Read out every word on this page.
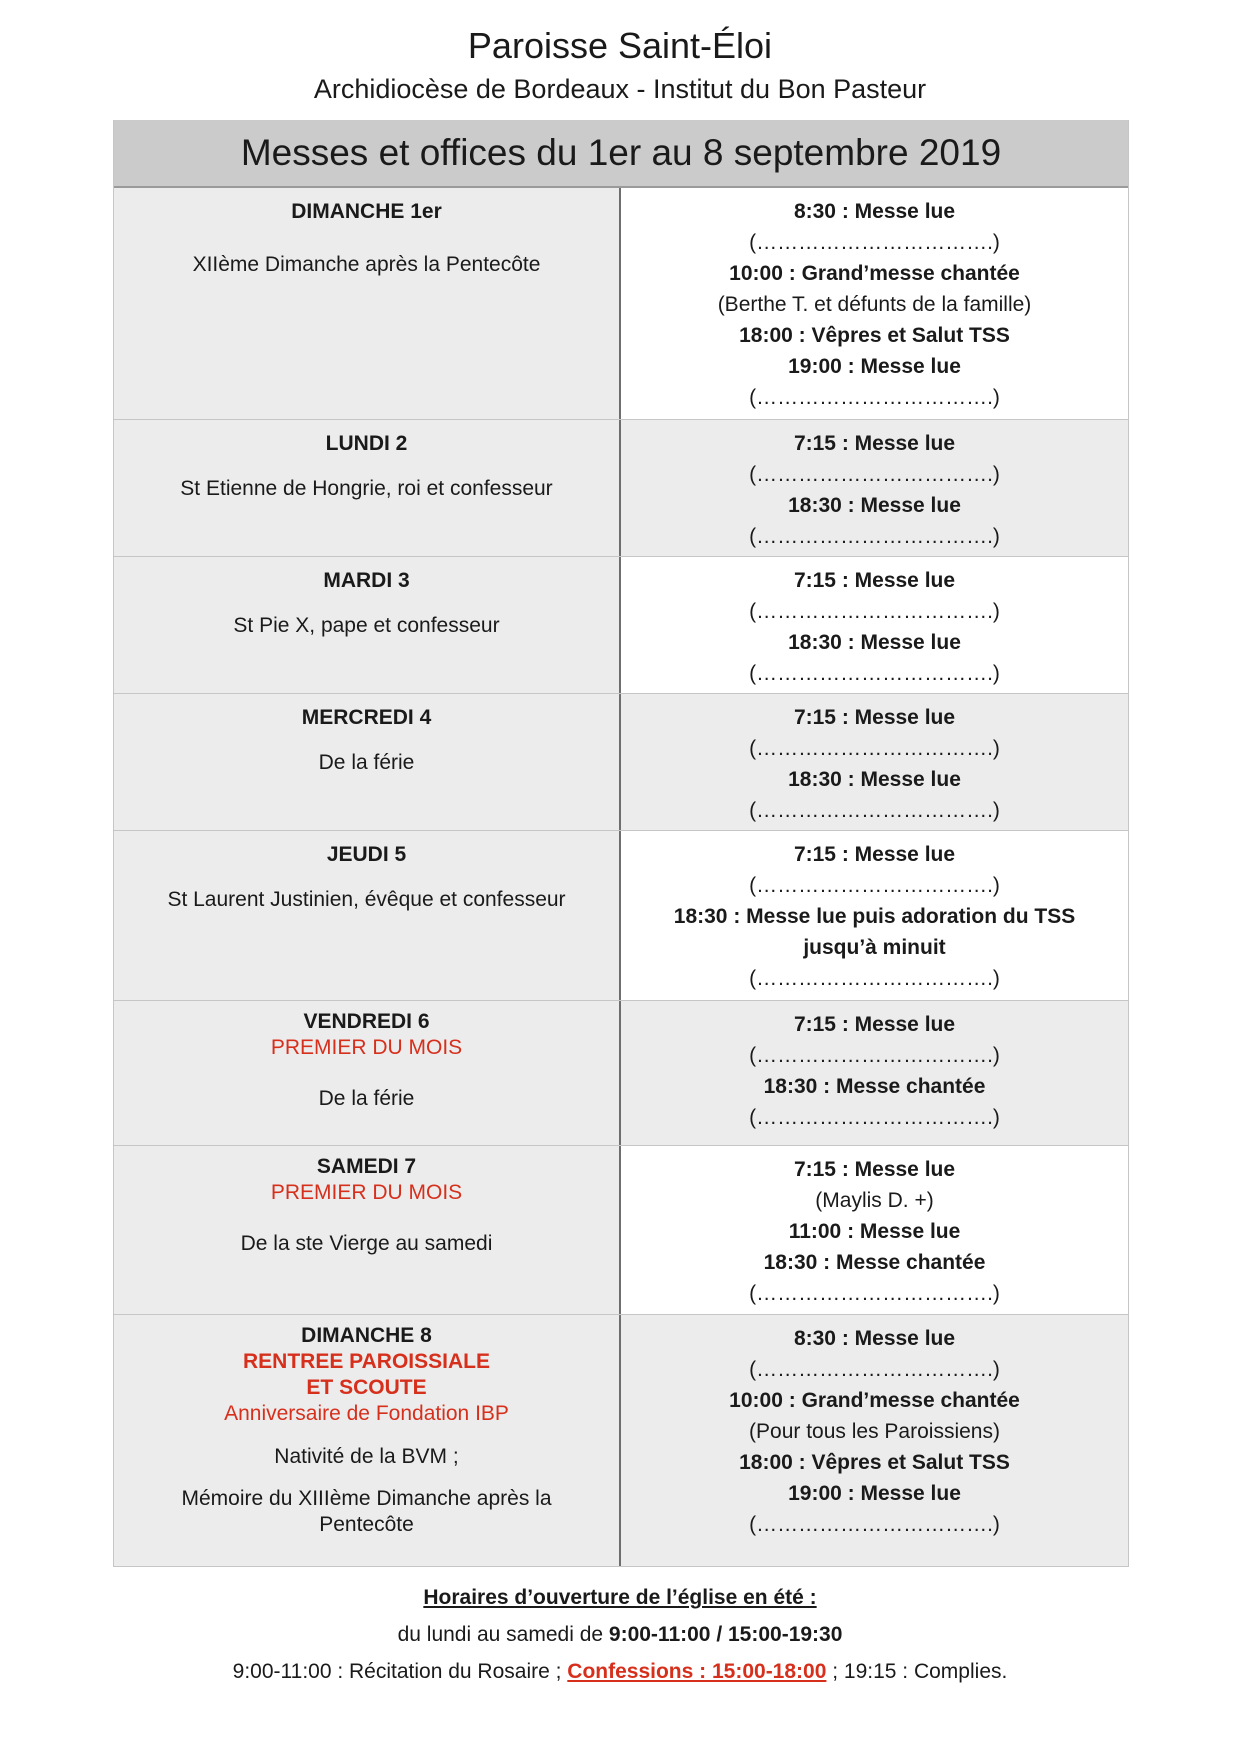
Paroisse Saint-Éloi
Archidiocèse de Bordeaux - Institut du Bon Pasteur
Messes et offices du 1er au 8 septembre 2019
DIMANCHE 1er
XIIème Dimanche après la Pentecôte
8:30 : Messe lue
(…………………………….)
10:00 : Grand’messe chantée
(Berthe T. et défunts de la famille)
18:00 : Vêpres et Salut TSS
19:00 : Messe lue
(…………………………….)
LUNDI 2
St Etienne de Hongrie, roi et confesseur
7:15 : Messe lue
(…………………………….)
18:30 : Messe lue
(…………………………….)
MARDI 3
St Pie X, pape et confesseur
7:15 : Messe lue
(…………………………….)
18:30 : Messe lue
(…………………………….)
MERCREDI 4
De la férie
7:15 : Messe lue
(…………………………….)
18:30 : Messe lue
(…………………………….)
JEUDI 5
St Laurent Justinien, évêque et confesseur
7:15 : Messe lue
(…………………………….)
18:30 : Messe lue puis adoration du TSS
jusqu’à minuit
(…………………………….)
VENDREDI 6
PREMIER DU MOIS
De la férie
7:15 : Messe lue
(…………………………….)
18:30 : Messe chantée
(…………………………….)
SAMEDI 7
PREMIER DU MOIS
De la ste Vierge au samedi
7:15 : Messe lue
(Maylis D. +)
11:00 : Messe lue
18:30 : Messe chantée
(…………………………….)
DIMANCHE 8
RENTREE PAROISSIALE
ET SCOUTE
Anniversaire de Fondation IBP
Nativité de la BVM ;
Mémoire du XIIIème Dimanche après la
Pentecôte
8:30 : Messe lue
(…………………………….)
10:00 : Grand’messe chantée
(Pour tous les Paroissiens)
18:00 : Vêpres et Salut TSS
19:00 : Messe lue
(…………………………….)
Horaires d’ouverture de l’église en été :
du lundi au samedi de 9:00-11:00 / 15:00-19:30
9:00-11:00 : Récitation du Rosaire ; Confessions : 15:00-18:00 ; 19:15 : Complies.
